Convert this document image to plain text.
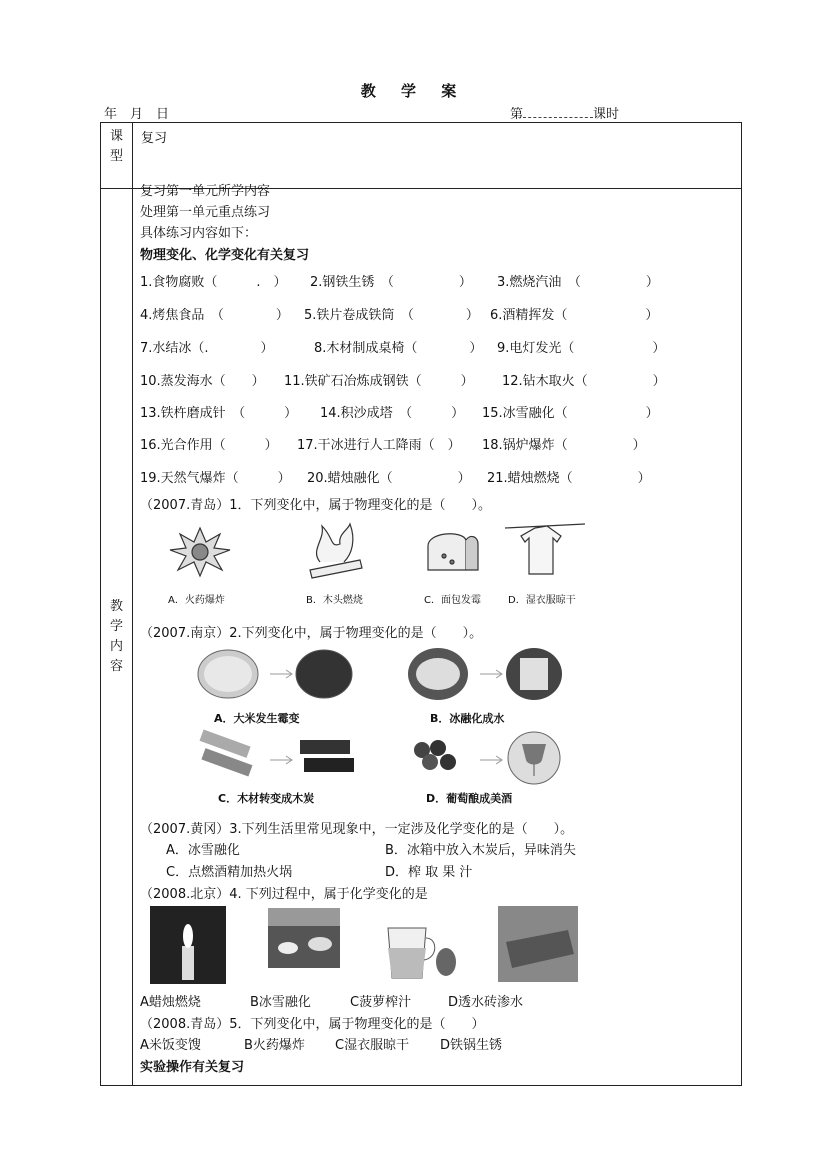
教 学 案
年　月　日	第	课时
课
型	复习

教
学
内
容	

复习第一单元所学内容
处理第一单元重点练习
具体练习内容如下：
物理变化、化学变化有关复习
1.食物腐败（　　　.　） 2.钢铁生锈　（　　　　　） 3.燃烧汽油　（　　　　　）
4.烤焦食品　（　　　　） 5.铁片卷成铁筒　（　　　　） 6.酒精挥发（　　　　　　）
7.水结冰（.　　　　）	8.木材制成桌椅（　　　　） 9.电灯发光（　　　　　　）
10.蒸发海水（　　） 11.铁矿石冶炼成钢铁（　　　） 12.钻木取火（　　　　　）
13.铁杵磨成针　（　　　） 14.积沙成塔　（　　　） 15.冰雪融化（　　　　　　）
16.光合作用（　　　） 17.干冰进行人工降雨（　） 18.锅炉爆炸（　　　　　）
19.天然气爆炸（　　　） 20.蜡烛融化（　　　　　） 21.蜡烛燃烧（　　　　　）
（2007.青岛）1．下列变化中，属于物理变化的是（　　）。
A．火药爆炸	B．木头燃烧	C．面包发霉	D．湿衣服晾干
（2007.南京）2.下列变化中，属于物理变化的是（　　）。
A．大米发生霉变	B．冰融化成水
C．木材转变成木炭	D．葡萄酿成美酒
（2007.黄冈）3.下列生活里常见现象中，一定涉及化学变化的是（　　）。
A．冰雪融化	B．冰箱中放入木炭后，异味消失
C．点燃酒精加热火埚	D．榨 取 果 汁
（2008.北京）4. 下列过程中，属于化学变化的是
A蜡烛燃烧	B冰雪融化	C菠萝榨汁	D透水砖渗水
（2008.青岛）5．下列变化中，属于物理变化的是（　　）
A米饭变馊	B火药爆炸 C湿衣服晾干 D铁锅生锈
实验操作有关复习
